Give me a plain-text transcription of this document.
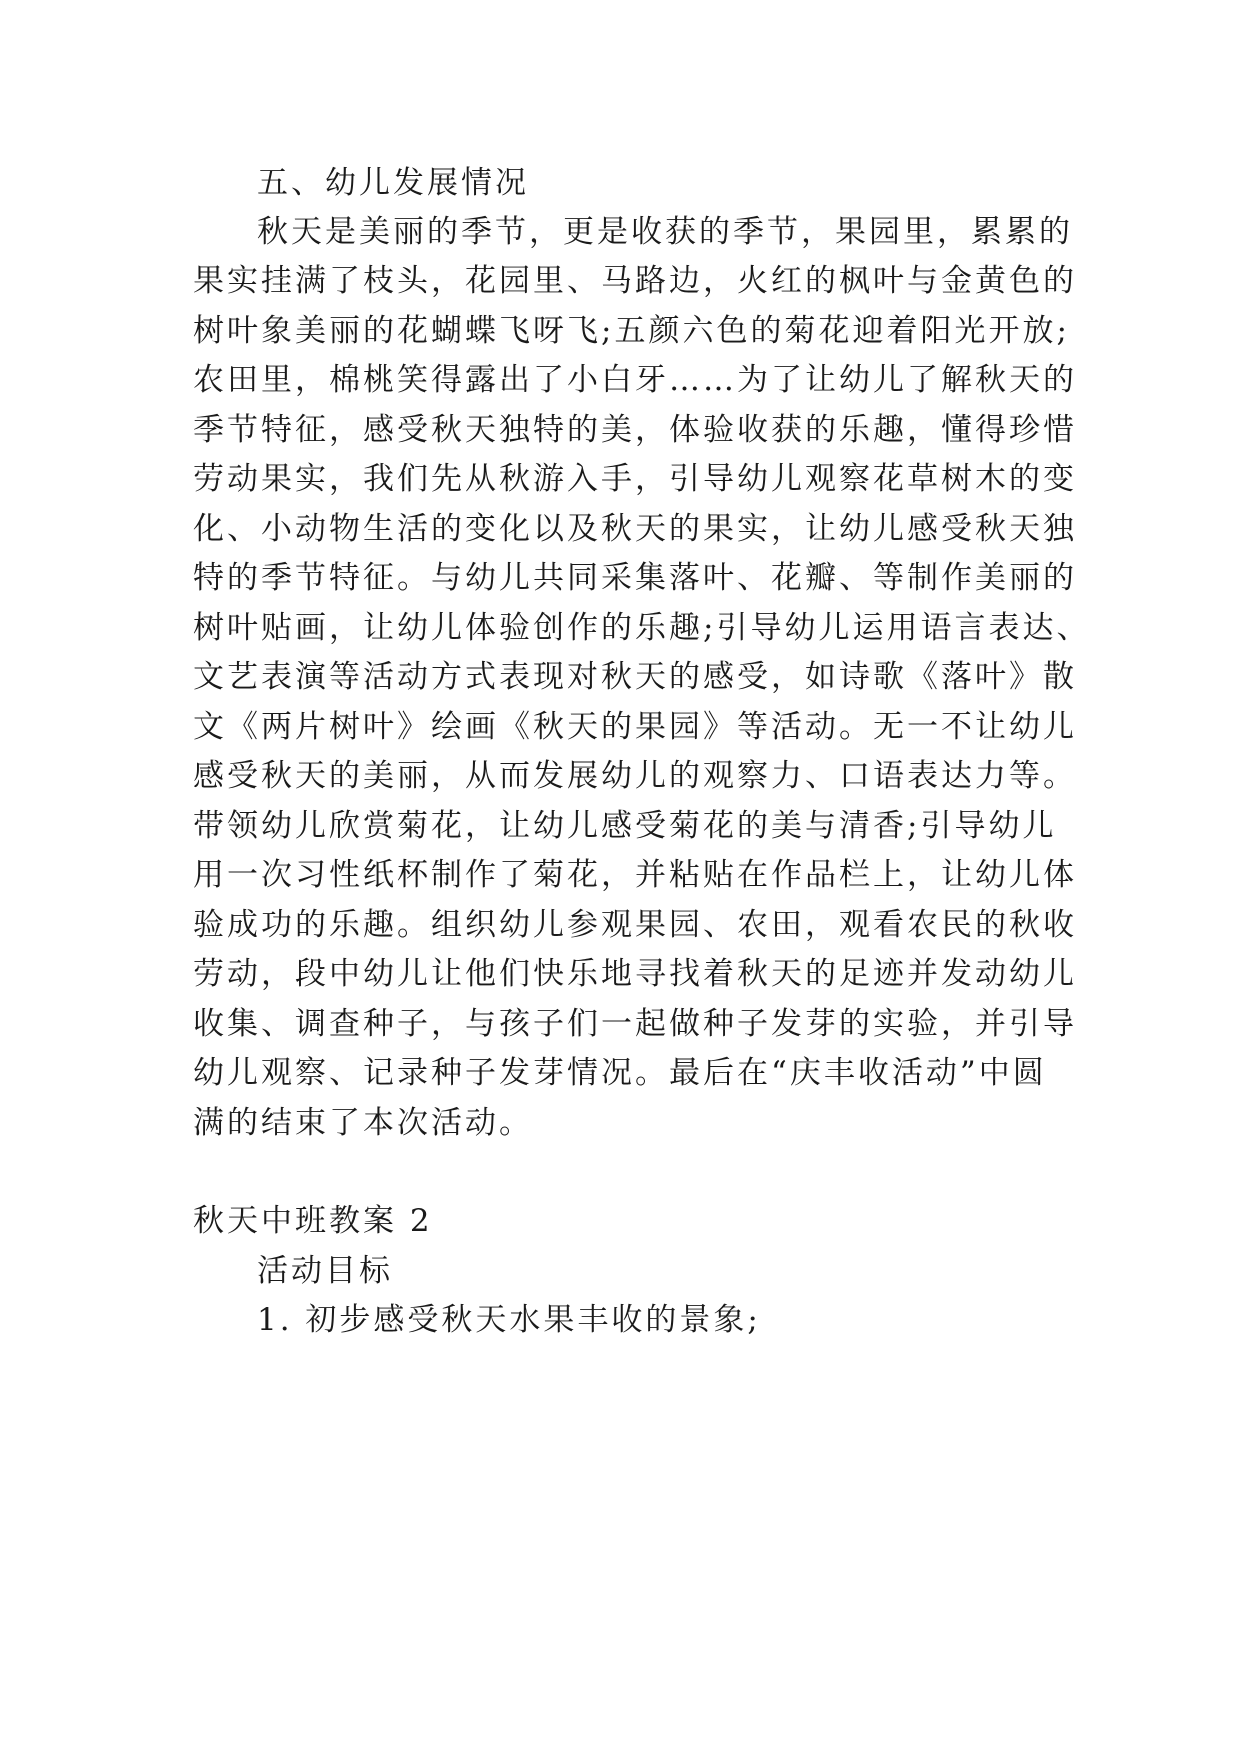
五、幼儿发展情况
秋天是美丽的季节，更是收获的季节，果园里，累累的
果实挂满了枝头，花园里、马路边，火红的枫叶与金黄色的
树叶象美丽的花蝴蝶飞呀飞;五颜六色的菊花迎着阳光开放;
农田里，棉桃笑得露出了小白牙……为了让幼儿了解秋天的
季节特征，感受秋天独特的美，体验收获的乐趣，懂得珍惜
劳动果实，我们先从秋游入手，引导幼儿观察花草树木的变
化、小动物生活的变化以及秋天的果实，让幼儿感受秋天独
特的季节特征。与幼儿共同采集落叶、花瓣、等制作美丽的
树叶贴画，让幼儿体验创作的乐趣;引导幼儿运用语言表达、
文艺表演等活动方式表现对秋天的感受，如诗歌《落叶》散
文《两片树叶》绘画《秋天的果园》等活动。无一不让幼儿
感受秋天的美丽，从而发展幼儿的观察力、口语表达力等。
带领幼儿欣赏菊花，让幼儿感受菊花的美与清香;引导幼儿
用一次习性纸杯制作了菊花，并粘贴在作品栏上，让幼儿体
验成功的乐趣。组织幼儿参观果园、农田，观看农民的秋收
劳动，段中幼儿让他们快乐地寻找着秋天的足迹并发动幼儿
收集、调查种子，与孩子们一起做种子发芽的实验，并引导
幼儿观察、记录种子发芽情况。最后在“庆丰收活动”中圆
满的结束了本次活动。
秋天中班教案 2
活动目标
1. 初步感受秋天水果丰收的景象;
